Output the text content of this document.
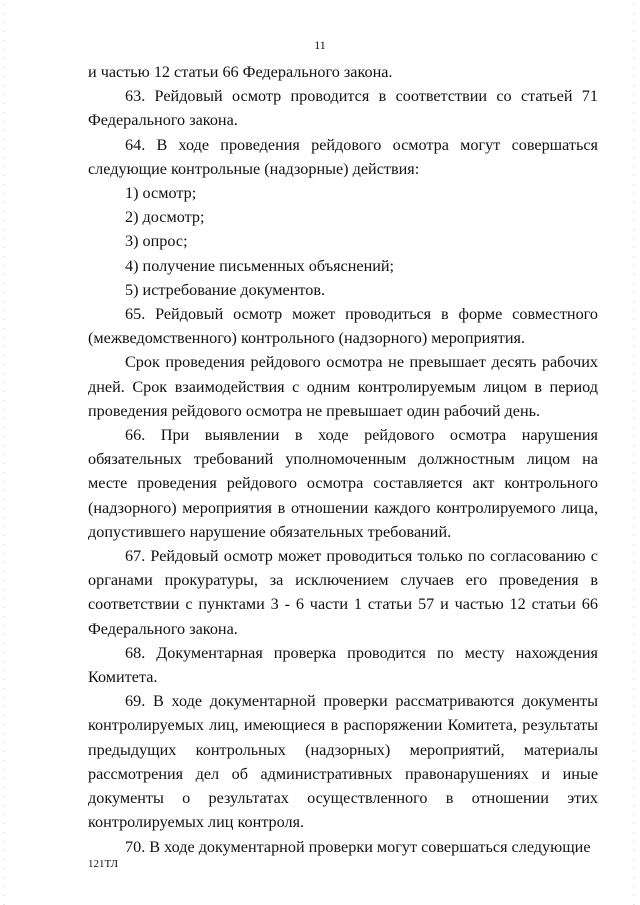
11

и частью 12 статьи 66 Федерального закона.

63. Рейдовый осмотр проводится в соответствии со статьей 71 Федерального закона.

64. В ходе проведения рейдового осмотра могут совершаться следующие контрольные (надзорные) действия:

1) осмотр;

2) досмотр;

3) опрос;

4) получение письменных объяснений;

5) истребование документов.

65. Рейдовый осмотр может проводиться в форме совместного (межведомственного) контрольного (надзорного) мероприятия.

Срок проведения рейдового осмотра не превышает десять рабочих дней. Срок взаимодействия с одним контролируемым лицом в период проведения рейдового осмотра не превышает один рабочий день.

66. При выявлении в ходе рейдового осмотра нарушения обязательных требований уполномоченным должностным лицом на месте проведения рейдового осмотра составляется акт контрольного (надзорного) мероприятия в отношении каждого контролируемого лица, допустившего нарушение обязательных требований.

67. Рейдовый осмотр может проводиться только по согласованию с органами прокуратуры, за исключением случаев его проведения в соответствии с пунктами 3 - 6 части 1 статьи 57 и частью 12 статьи 66 Федерального закона.

68. Документарная проверка проводится по месту нахождения Комитета.

69. В ходе документарной проверки рассматриваются документы контролируемых лиц, имеющиеся в распоряжении Комитета, результаты предыдущих контрольных (надзорных) мероприятий, материалы рассмотрения дел об административных правонарушениях и иные документы о результатах осуществленного в отношении этих контролируемых лиц контроля.

70. В ходе документарной проверки могут совершаться следующие

121ТЛ
